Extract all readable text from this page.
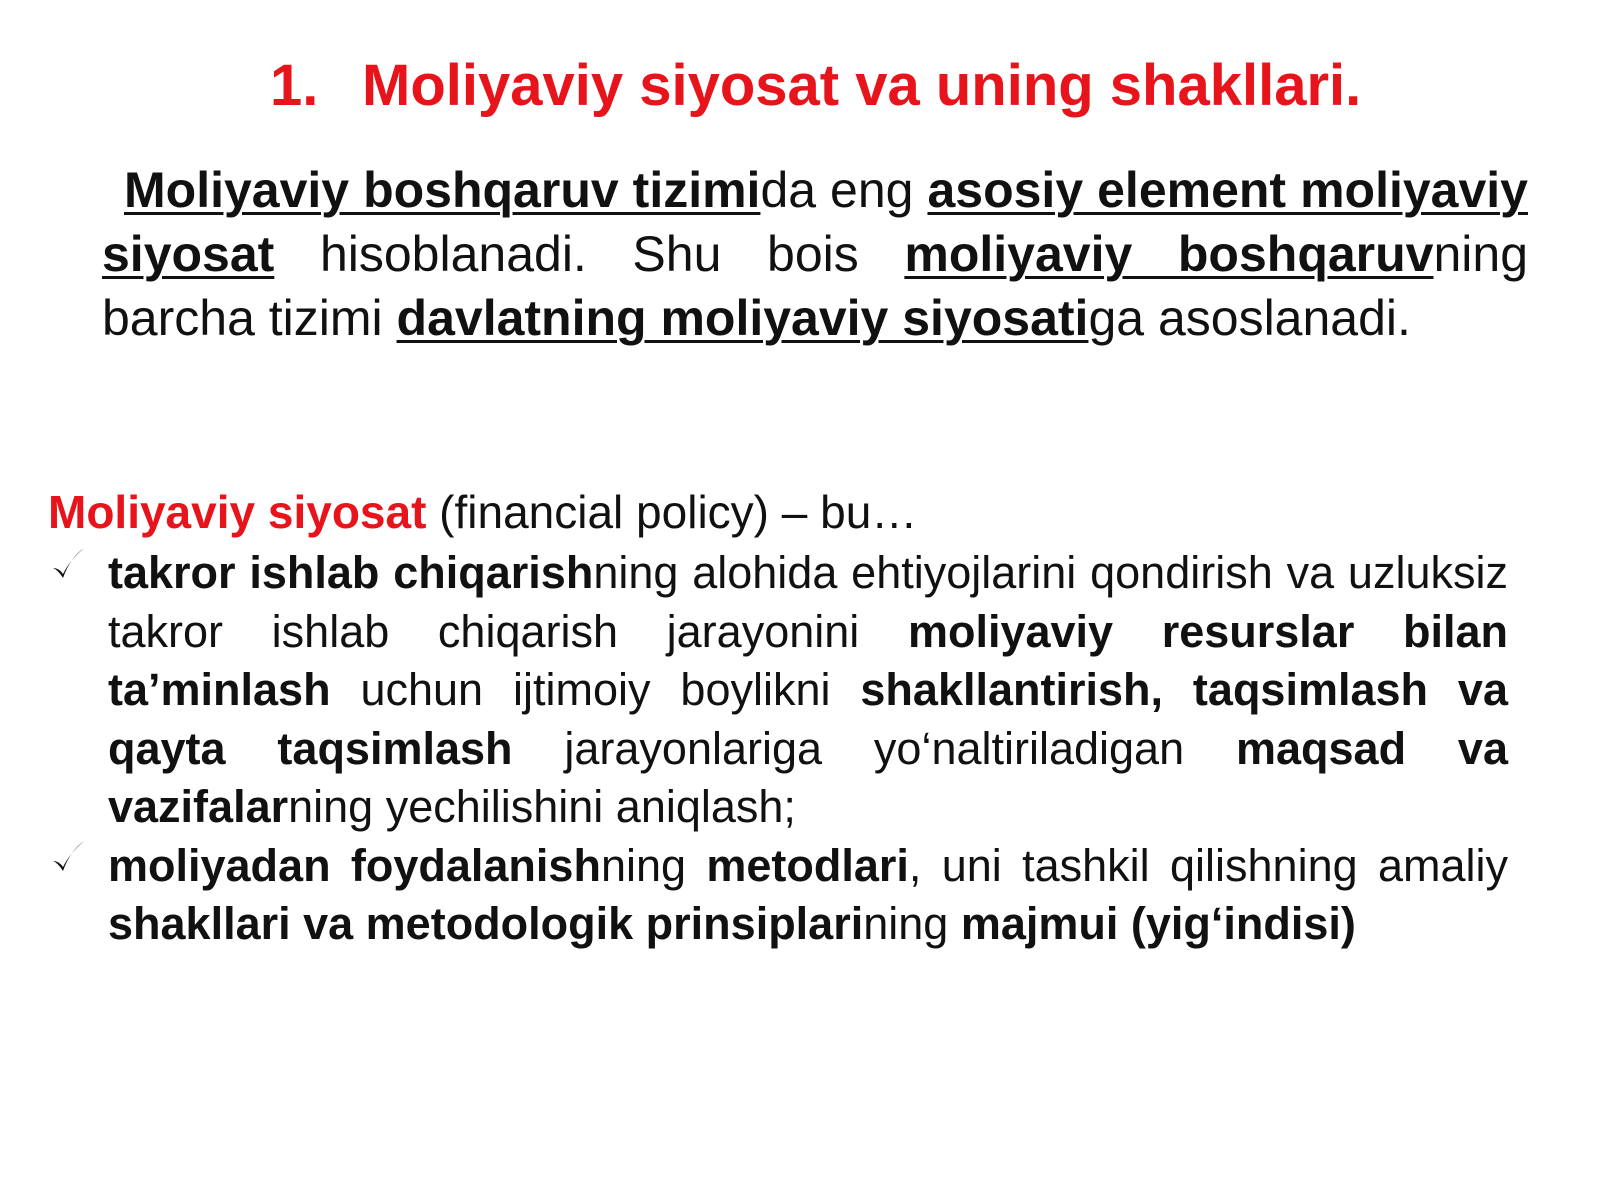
1. Moliyaviy siyosat va uning shakllari.

Moliyaviy boshqaruv tizimida eng asosiy element moliyaviy siyosat hisoblanadi. Shu bois moliyaviy boshqaruvning barcha tizimi davlatning moliyaviy siyosatiga asoslanadi.

Moliyaviy siyosat (financial policy) – bu…

takror ishlab chiqarishning alohida ehtiyojlarini qondirish va uzluksiz takror ishlab chiqarish jarayonini moliyaviy resurslar bilan ta’minlash uchun ijtimoiy boylikni shakllantirish, taqsimlash va qayta taqsimlash jarayonlariga yo‘naltiriladigan maqsad va vazifalarning yechilishini aniqlash;
moliyadan foydalanishning metodlari, uni tashkil qilishning amaliy shakllari va metodologik prinsiplarining majmui (yig‘indisi)
